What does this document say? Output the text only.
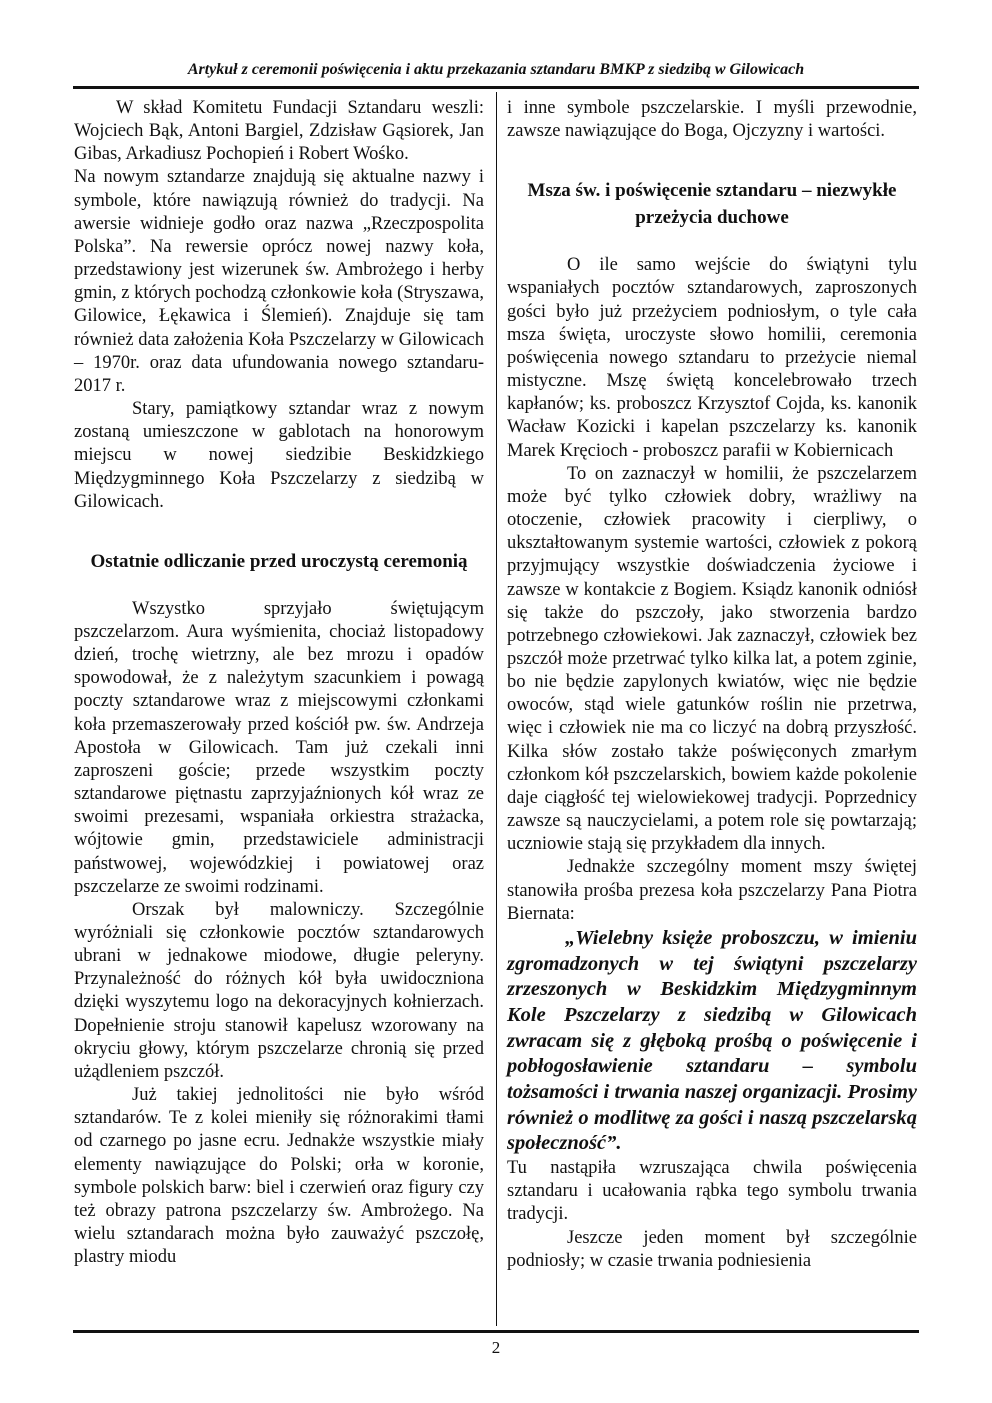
Artykuł z ceremonii poświęcenia i aktu przekazania sztandaru BMKP z siedzibą w Gilowicach

W skład Komitetu Fundacji Sztandaru weszli: Wojciech Bąk, Antoni Bargiel, Zdzisław Gąsiorek, Jan Gibas, Arkadiusz Pochopień i Robert Wośko.

Na nowym sztandarze znajdują się aktualne nazwy i symbole, które nawiązują również do tradycji. Na awersie widnieje godło oraz nazwa „Rzeczpospolita Polska”. Na rewersie oprócz nowej nazwy koła, przedstawiony jest wizerunek św. Ambrożego i herby gmin, z których pochodzą członkowie koła (Stryszawa, Gilowice, Łękawica i Ślemień). Znajduje się tam również data założenia Koła Pszczelarzy w Gilowicach – 1970r. oraz data ufundowania nowego sztandaru- 2017 r.

Stary, pamiątkowy sztandar wraz z nowym zostaną umieszczone w gablotach na honorowym miejscu w nowej siedzibie Beskidzkiego Międzygminnego Koła Pszczelarzy z siedzibą w Gilowicach.

Ostatnie odliczanie przed uroczystą ceremonią

Wszystko sprzyjało świętującym pszczelarzom. Aura wyśmienita, chociaż listopadowy dzień, trochę wietrzny, ale bez mrozu i opadów spowodował, że z należytym szacunkiem i powagą poczty sztandarowe wraz z miejscowymi członkami koła przemaszerowały przed kościół pw. św. Andrzeja Apostoła w Gilowicach. Tam już czekali inni zaproszeni goście; przede wszystkim poczty sztandarowe piętnastu zaprzyjaźnionych kół wraz ze swoimi prezesami, wspaniała orkiestra strażacka, wójtowie gmin, przedstawiciele administracji państwowej, wojewódzkiej i powiatowej oraz pszczelarze ze swoimi rodzinami.

Orszak był malowniczy. Szczególnie wyróżniali się członkowie pocztów sztandarowych ubrani w jednakowe miodowe, długie peleryny. Przynależność do różnych kół była uwidoczniona dzięki wyszytemu logo na dekoracyjnych kołnierzach. Dopełnienie stroju stanowił kapelusz wzorowany na okryciu głowy, którym pszczelarze chronią się przed użądleniem pszczół.

Już takiej jednolitości nie było wśród sztandarów. Te z kolei mieniły się różnorakimi tłami od czarnego po jasne ecru. Jednakże wszystkie miały elementy nawiązujące do Polski; orła w koronie, symbole polskich barw: biel i czerwień oraz figury czy też obrazy patrona pszczelarzy św. Ambrożego. Na wielu sztandarach można było zauważyć pszczołę, plastry miodu

i inne symbole pszczelarskie. I myśli przewodnie, zawsze nawiązujące do Boga, Ojczyzny i wartości.

Msza św. i poświęcenie sztandaru – niezwykłe przeżycia duchowe

O ile samo wejście do świątyni tylu wspaniałych pocztów sztandarowych, zaproszonych gości było już przeżyciem podniosłym, o tyle cała msza święta, uroczyste słowo homilii, ceremonia poświęcenia nowego sztandaru to przeżycie niemal mistyczne. Mszę świętą koncelebrowało trzech kapłanów; ks. proboszcz Krzysztof Cojda, ks. kanonik Wacław Kozicki i kapelan pszczelarzy ks. kanonik Marek Kręcioch - proboszcz parafii w Kobiernicach

To on zaznaczył w homilii, że pszczelarzem może być tylko człowiek dobry, wrażliwy na otoczenie, człowiek pracowity i cierpliwy, o ukształtowanym systemie wartości, człowiek z pokorą przyjmujący wszystkie doświadczenia życiowe i zawsze w kontakcie z Bogiem. Ksiądz kanonik odniósł się także do pszczoły, jako stworzenia bardzo potrzebnego człowiekowi. Jak zaznaczył, człowiek bez pszczół może przetrwać tylko kilka lat, a potem zginie, bo nie będzie zapylonych kwiatów, więc nie będzie owoców, stąd wiele gatunków roślin nie przetrwa, więc i człowiek nie ma co liczyć na dobrą przyszłość. Kilka słów zostało także poświęconych zmarłym członkom kół pszczelarskich, bowiem każde pokolenie daje ciągłość tej wielowiekowej tradycji. Poprzednicy zawsze są nauczycielami, a potem role się powtarzają; uczniowie stają się przykładem dla innych.

Jednakże szczególny moment mszy świętej stanowiła prośba prezesa koła pszczelarzy Pana Piotra Biernata:

„Wielebny księże proboszczu, w imieniu zgromadzonych w tej świątyni pszczelarzy zrzeszonych w Beskidzkim Międzygminnym Kole Pszczelarzy z siedzibą w Gilowicach zwracam się z głęboką prośbą o poświęcenie i pobłogosławienie sztandaru – symbolu tożsamości i trwania naszej organizacji. Prosimy również o modlitwę za gości i naszą pszczelarską społeczność”.

Tu nastąpiła wzruszająca chwila poświęcenia sztandaru i ucałowania rąbka tego symbolu trwania tradycji.

Jeszcze jeden moment był szczególnie podniosły; w czasie trwania podniesienia

2
